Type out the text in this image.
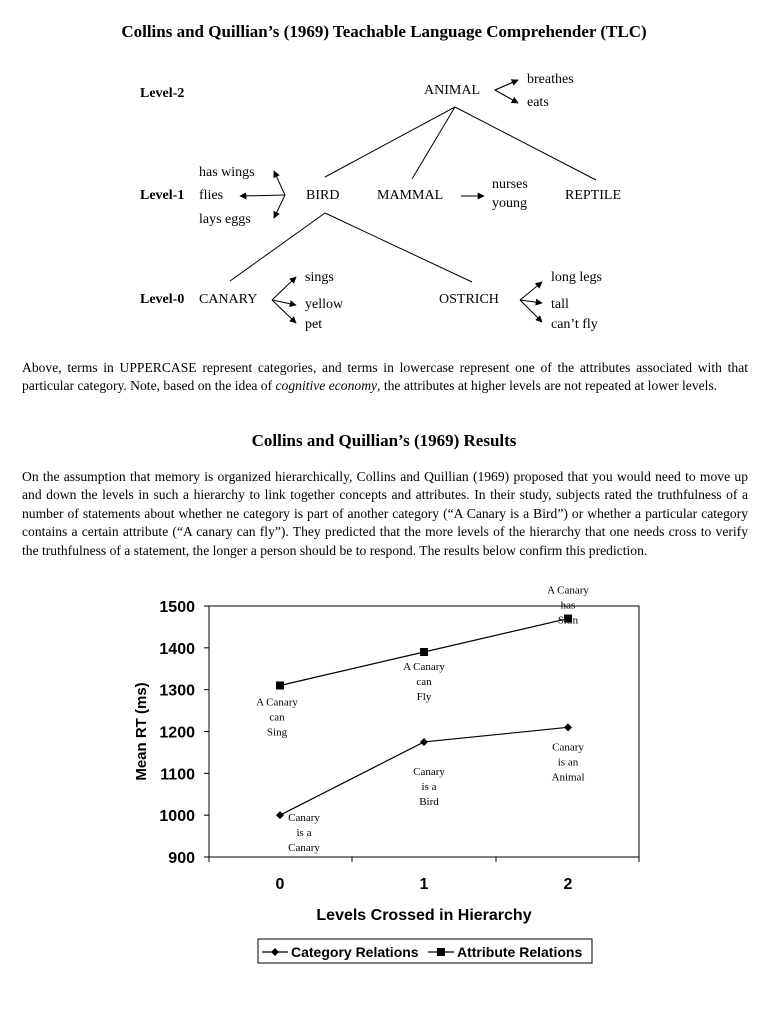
Collins and Quillian’s (1969) Teachable Language Comprehender (TLC)
Level-2
Level-1
Level-0
ANIMAL
BIRD	MAMMAL	REPTILE
CANARY	OSTRICH
breathes
eats
has wings
flies
lays eggs
nurses
young
sings
yellow
pet
long legs
tall
can’t fly
Above, terms in UPPERCASE represent categories, and terms in lowercase represent one of the attributes associated with that particular category. Note, based on the idea of cognitive economy, the attributes at higher levels are not repeated at lower levels.
Collins and Quillian’s (1969) Results
On the assumption that memory is organized hierarchically, Collins and Quillian (1969) proposed that you would need to move up and down the levels in such a hierarchy to link together concepts and attributes. In their study, subjects rated the truthfulness of a number of statements about whether ne category is part of another category (“A Canary is a Bird”) or whether a particular category contains a certain attribute (“A canary can fly”). They predicted that the more levels of the hierarchy that one needs cross to verify the truthfulness of a statement, the longer a person should be to respond. The results below confirm this prediction.
900
1000
1100
1200
1300
1400
1500
0	1	2
Levels Crossed in Hierarchy
Mean RT (ms)
Canary
is a
Canary
Canary
is a
Bird
Canary
is an
Animal
A Canary
can
Sing
A Canary
can
Fly
A Canary
has
Skin
Category Relations	Attribute Relations
